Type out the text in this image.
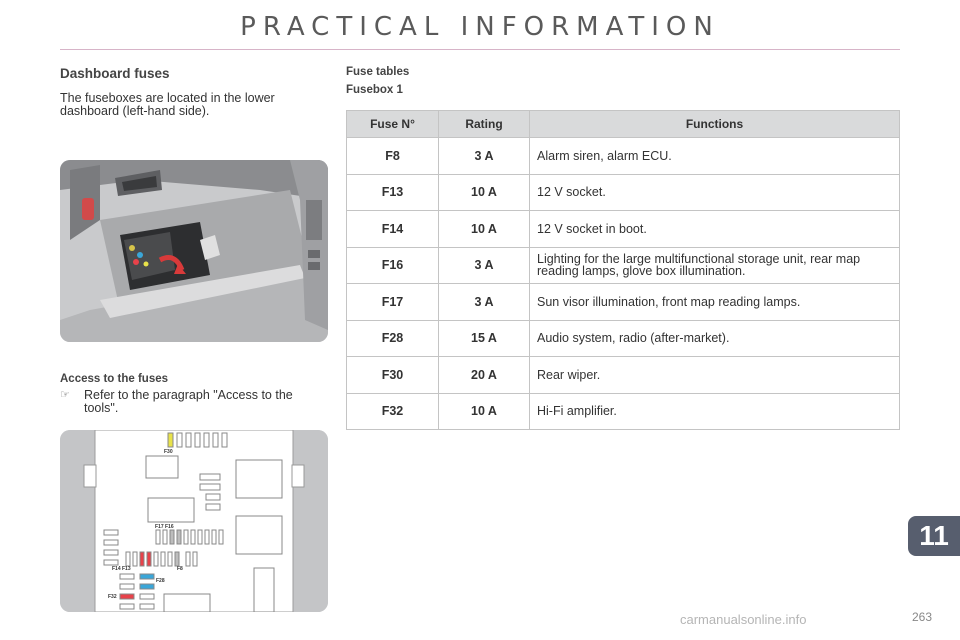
PRACTICAL INFORMATION
Dashboard fuses
The fuseboxes are located in the lower dashboard (left-hand side).
Access to the fuses
☞ Refer to the paragraph "Access to the tools".
F30
F17 F16
F14 F13	F8
F28
F32
Fuse tables
Fusebox 1
Fuse N°	Rating	Functions
F8	3 A	Alarm siren, alarm ECU.
F13	10 A	12 V socket.
F14	10 A	12 V socket in boot.
F16	3 A	Lighting for the large multifunctional storage unit, rear map reading lamps, glove box illumination.
F17	3 A	Sun visor illumination, front map reading lamps.
F28	15 A	Audio system, radio (after-market).
F30	20 A	Rear wiper.
F32	10 A	Hi-Fi amplifier.
11
carmanualsonline.info	263
